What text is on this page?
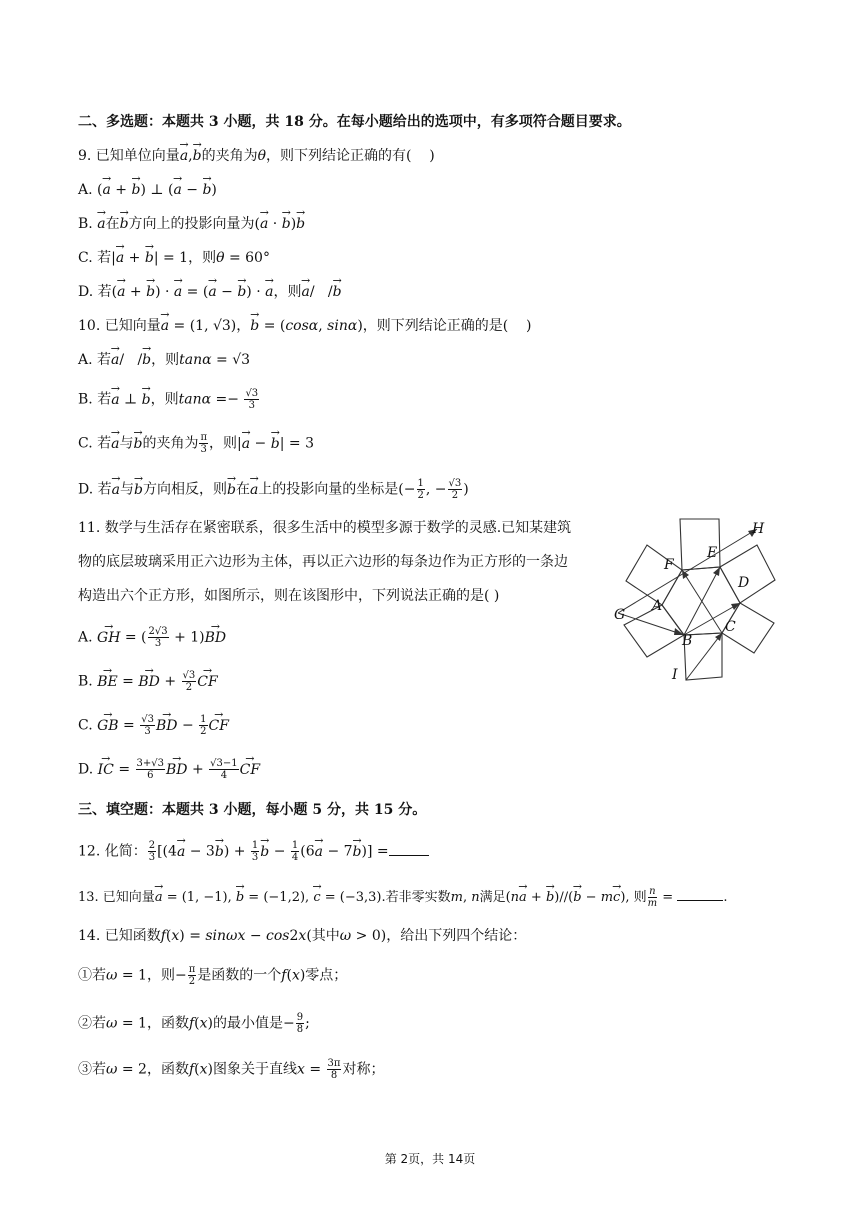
二、多选题：本题共 3 小题，共 18 分。在每小题给出的选项中，有多项符合题目要求。
9. 已知单位向量→ a,→ b的夹角为θ，则下列结论正确的有(    )
A. (→ a + → b) ⊥ (→ a − → b)
B. → a在→ b方向上的投影向量为(→ a · → b)→ b
C. 若|→ a + → b| = 1，则θ = 60°
D. 若(→ a + → b) · → a = (→ a − → b) · → a，则→ a/   /→ b
10. 已知向量→ a = (1, √3)，→ b = (cosα, sinα)，则下列结论正确的是(    )
A. 若→ a/   /→ b，则tanα = √3
B. 若→ a ⊥ → b，则$\tan\alpha =- \frac{√3}{3}$
C. 若→ a与→ b的夹角为 $\frac{\pi}{3}$ ，则|→ a − → b| = 3
D. 若→ a与→ b方向相反，则→ b在→ a上的投影向量的坐标是(− $\frac{1}{2}$ , − $\frac{√3}{2}$ )
11. 数学与生活存在紧密联系，很多生活中的模型多源于数学的灵感.已知某建筑
物的底层玻璃采用正六边形为主体，再以正六边形的每条边作为正方形的一条边
构造出六个正方形，如图所示，则在该图形中，下列说法正确的是( )
A. → GH = ( $\frac{2√3}{3} + 1)\to$ BD
B. → BE = → BD + $\frac{√3}{2}$
→ CF
C. → GB = $\frac{√3}{3}$
→ BD − $\frac{1}{2}$
→ CF
D. → IC = $\frac{3+√3}{6}$
→ BD + $\frac{√3-1}{4}$
→ CF
H
E
F
D
G
A
B
C
I
三、填空题：本题共 3 小题，每小题 5 分，共 15 分。
12. 化简： $\frac{2}{3} [(4\to a - 3\to b) + \frac{1}{3}$
→ $b - \frac{1}{4} (6\to a - 7\to b)$] =
13. 已知向量→ a = (1, −1), → b = (−1,2), → c = (−3,3).若非零实数m, n满足(n→ a + → b)//(→ b − m→ c), 则 $\frac{n}{m}$ =	.
14. 已知函数f(x) = sinωx − cos2x(其中ω > 0)，给出下列四个结论：
①若ω = 1，则− $\frac{\pi}{2}$ 是函数的一个f(x)零点；
②若ω = 1，函数f(x)的最小值是− $\frac{9}{8}$ ;
③若ω = 2，函数f(x)图象关于直线$x = \frac{3\pi}{8}$ 对称；
第 2页，共 14页
